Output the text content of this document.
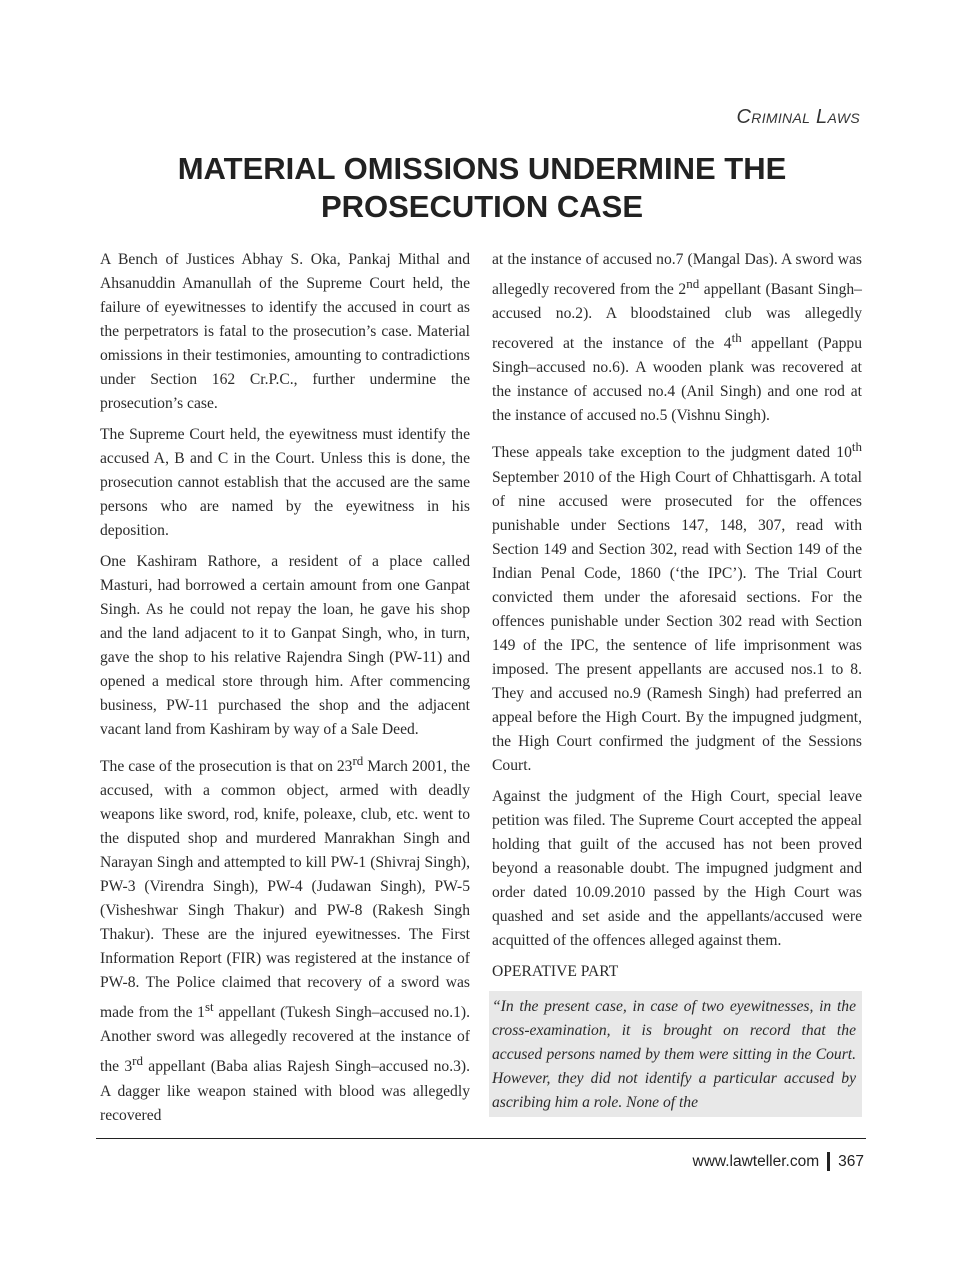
Criminal Laws
MATERIAL OMISSIONS UNDERMINE THE PROSECUTION CASE

A Bench of Justices Abhay S. Oka, Pankaj Mithal and Ahsanuddin Amanullah of the Supreme Court held, the failure of eyewitnesses to identify the accused in court as the perpetrators is fatal to the prosecution’s case. Material omissions in their testimonies, amounting to contradictions under Section 162 Cr.P.C., further undermine the prosecution’s case.

The Supreme Court held, the eyewitness must identify the accused A, B and C in the Court. Unless this is done, the prosecution cannot establish that the accused are the same persons who are named by the eyewitness in his deposition.

One Kashiram Rathore, a resident of a place called Masturi, had borrowed a certain amount from one Ganpat Singh. As he could not repay the loan, he gave his shop and the land adjacent to it to Ganpat Singh, who, in turn, gave the shop to his relative Rajendra Singh (PW-11) and opened a medical store through him. After commencing business, PW-11 purchased the shop and the adjacent vacant land from Kashiram by way of a Sale Deed.

The case of the prosecution is that on 23rd March 2001, the accused, with a common object, armed with deadly weapons like sword, rod, knife, poleaxe, club, etc. went to the disputed shop and murdered Manrakhan Singh and Narayan Singh and attempted to kill PW-1 (Shivraj Singh), PW-3 (Virendra Singh), PW-4 (Judawan Singh), PW-5 (Visheshwar Singh Thakur) and PW-8 (Rakesh Singh Thakur). These are the injured eyewitnesses. The First Information Report (FIR) was registered at the instance of PW-8. The Police claimed that recovery of a sword was made from the 1st appellant (Tukesh Singh–accused no.1). Another sword was allegedly recovered at the instance of the 3rd appellant (Baba alias Rajesh Singh–accused no.3). A dagger like weapon stained with blood was allegedly recovered

at the instance of accused no.7 (Mangal Das). A sword was allegedly recovered from the 2nd appellant (Basant Singh–accused no.2). A bloodstained club was allegedly recovered at the instance of the 4th appellant (Pappu Singh–accused no.6). A wooden plank was recovered at the instance of accused no.4 (Anil Singh) and one rod at the instance of accused no.5 (Vishnu Singh).

These appeals take exception to the judgment dated 10th September 2010 of the High Court of Chhattisgarh. A total of nine accused were prosecuted for the offences punishable under Sections 147, 148, 307, read with Section 149 and Section 302, read with Section 149 of the Indian Penal Code, 1860 (‘the IPC’). The Trial Court convicted them under the aforesaid sections. For the offences punishable under Section 302 read with Section 149 of the IPC, the sentence of life imprisonment was imposed. The present appellants are accused nos.1 to 8. They and accused no.9 (Ramesh Singh) had preferred an appeal before the High Court. By the impugned judgment, the High Court confirmed the judgment of the Sessions Court.

Against the judgment of the High Court, special leave petition was filed. The Supreme Court accepted the appeal holding that guilt of the accused has not been proved beyond a reasonable doubt. The impugned judgment and order dated 10.09.2010 passed by the High Court was quashed and set aside and the appellants/accused were acquitted of the offences alleged against them.

OPERATIVE PART

“In the present case, in case of two eyewitnesses, in the cross-examination, it is brought on record that the accused persons named by them were sitting in the Court. However, they did not identify a particular accused by ascribing him a role. None of the
www.lawteller.com 367
